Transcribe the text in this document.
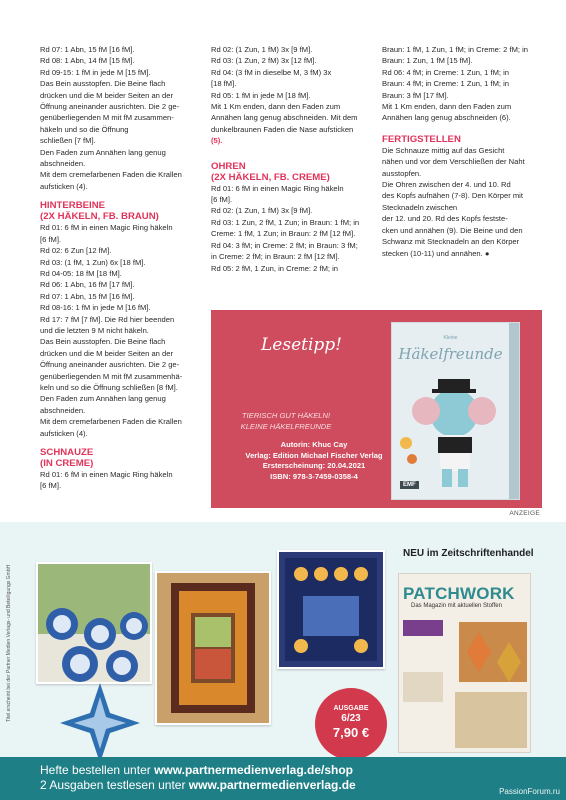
Rd 07: 1 Abn, 15 fM [16 fM].

Rd 08: 1 Abn, 14 fM [15 fM].

Rd 09-15: 1 fM in jede M [15 fM].

Das Bein ausstopfen. Die Beine flach

drücken und die M beider Seiten an der

Öffnung aneinander ausrichten. Die 2 ge-

genüberliegenden M mit fM zusammen-

häkeln und so die Öffnung

schließen [7 fM].

Den Faden zum Annähen lang genug

abschneiden.

Mit dem cremefarbenen Faden die Krallen

aufsticken (4).

HINTERBEINE

(2X HÄKELN, FB. BRAUN)

Rd 01: 6 fM in einen Magic Ring häkeln

[6 fM].

Rd 02: 6 Zun [12 fM].

Rd 03: (1 fM, 1 Zun) 6x [18 fM].

Rd 04-05: 18 fM [18 fM].

Rd 06: 1 Abn, 16 fM [17 fM].

Rd 07: 1 Abn, 15 fM [16 fM].

Rd 08-16: 1 fM in jede M [16 fM].

Rd 17: 7 fM [7 fM]. Die Rd hier beenden

und die letzten 9 M nicht häkeln.

Das Bein ausstopfen. Die Beine flach

drücken und die M beider Seiten an der

Öffnung aneinander ausrichten. Die 2 ge-

genüberliegenden M mit fM zusammenhä-

keln und so die Öffnung schließen [8 fM].

Den Faden zum Annähen lang genug

abschneiden.

Mit dem cremefarbenen Faden die Krallen

aufsticken (4).

SCHNAUZE

(IN CREME)

Rd 01: 6 fM in einen Magic Ring häkeln

[6 fM].

Rd 02: (1 Zun, 1 fM) 3x [9 fM].

Rd 03: (1 Zun, 2 fM) 3x [12 fM].

Rd 04: (3 fM in dieselbe M, 3 fM) 3x

[18 fM].

Rd 05: 1 fM in jede M [18 fM].

Mit 1 Km enden, dann den Faden zum

Annähen lang genug abschneiden. Mit dem

dunkelbraunen Faden die Nase aufsticken

(5).

OHREN

(2X HÄKELN, FB. CREME)

Rd 01: 6 fM in einen Magic Ring häkeln

[6 fM].

Rd 02: (1 Zun, 1 fM) 3x [9 fM].

Rd 03: 1 Zun, 2 fM, 1 Zun; in Braun: 1 fM; in

Creme: 1 fM, 1 Zun; in Braun: 2 fM [12 fM].

Rd 04: 3 fM; in Creme: 2 fM; in Braun: 3 fM;

in Creme: 2 fM; in Braun: 2 fM [12 fM].

Rd 05: 2 fM, 1 Zun, in Creme: 2 fM; in

Braun: 1 fM, 1 Zun, 1 fM; in Creme: 2 fM; in

Braun: 1 Zun, 1 fM [15 fM].

Rd 06: 4 fM; in Creme: 1 Zun, 1 fM; in

Braun: 4 fM; in Creme: 1 Zun, 1 fM; in

Braun: 3 fM [17 fM].

Mit 1 Km enden, dann den Faden zum

Annähen lang genug abschneiden (6).

FERTIGSTELLEN

Die Schnauze mittig auf das Gesicht

nähen und vor dem Verschließen der Naht

ausstopfen.

Die Ohren zwischen der 4. und 10. Rd

des Kopfs aufnähen (7-8). Den Körper mit

Stecknadeln zwischen

der 12. und 20. Rd des Kopfs feststе-

cken und annähen (9). Die Beine und den

Schwanz mit Stecknadeln an den Körper

stecken (10-11) und annähen. ●

Lesetipp!
TIERISCH GUT HÄKELN!
KLEINE HÄKELFREUNDE
Autorin: Khuc Cay
Verlag: Edition Michael Fischer Verlag
Ersterscheinung: 20.04.2021
ISBN: 978-3-7459-0358-4
Kleine
Häkelfreunde
EMF
ANZEIGE
Titel erscheint bei der Partner Medien Verlags- und Beteiligungs GmbH
NEU im Zeitschriftenhandel
PATCHWORK
Das Magazin mit aktuellen Stoffen
AUSGABE
6/23
7,90 €
Hefte bestellen unter www.partnermedienverlag.de/shop
2 Ausgaben testlesen unter www.partnermedienverlag.de	PassionForum.ru
